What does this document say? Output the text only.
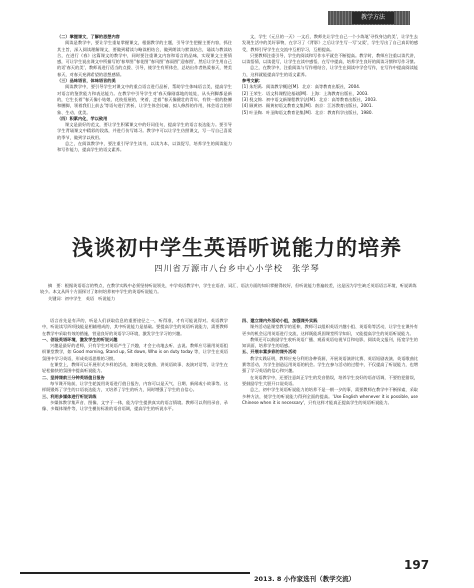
教学方法

（二）掌握课文，了解的思想内容

阅读是教学中，要让学生重复掌握课文，根据教学的主题，引导学生把握主要内容，抓住其主旨，深入阅读理解课文，要做到精读与略读相结合，做到朗读与默读结合，诵读与教读结合，在进行《春》这篇课文的教学中，同时要注重课文内容和语言的品味，实现课文主要情感，可让学生说出课文中所描写的'春草图''春花图''春风图''春雨图''迎春图'，然后让学生用自己的话'春天的美'，教师再进行适当的点拨、引导，使学生有所体会，总结出作者热爱春天，赞美春天，对春天充满希望的思想感情。

（三）品味语言，体味语言的美

阅读教学中，要引导学生对课文中的重点语言进行品析，帮助学生体味语言美，提高学生对语言的鉴赏能力和表达能力。在教学中引导学生对'春天像刚落地的娃娃，从头到脚都是新的，它生长着''春天像小姑娘，花枝招展的，笑着，走着''春天像健壮的青年，有铁一般的胳膊和腰脚，领着我们上前去'等语句进行赏析，让学生体会比喻、拟人修辞的作用，体会语言的形象、生动、优美。

（四）积累内化，学以致用

课文是最好的范文，要让学生积累课文中的好词佳句，提高学生的语言表达能力。要引导学生背诵课文中精彩的段落，并进行仿写练习。教学中可以让学生仿照课文，写一写自己喜爱的季节，做到学以致用。

总之，在阅读教学中，要注重引导学生读书，以读为本，以读促写，培养学生的阅读能力和写作能力，提高学生的语文素养。

文，学生《元旦的一天》一文后，教师先让学生自己一个小练笔'寻找身边的美'，让学生去发现生活中的美好事物，在学习了《背影》之后让学生写一写'父爱'，学生写出了自己真切的感受，教师引导学生在交流中互相学习，互相提高。

只要教师注重引导，学生的阅读和写作水平就会不断提高。教学时，教师应注重以读代讲，以读悟情，以读促写，让学生在读中感悟，在写中提高，培养学生良好的阅读习惯和写作习惯。

总之，在教学中，注重阅读与写作相结合，让学生在阅读中学会写作，在写作中提高阅读能力，这样就能提高学生的语文素养。

参考文献：

[1] 朱绍禹．阅读教学概论[M]．北京：高等教育出版社，2004.

[2] 王荣生．语文科课程论基础[M]．上海：上海教育出版社，2003.

[3] 倪文锦．初中语文新课程教学法[M]．北京：高等教育出版社，2003.

[4] 顾黄初．顾黄初语文教育文集[M]．南京：江苏教育出版社，2001.

[5] 叶圣陶．叶圣陶语文教育论集[M]．北京：教育科学出版社，1980.

浅谈初中学生英语听说能力的培养
四川省万源市八台乡中心小学校　张学琴
摘　要：根据英语语言的特点，在教学实践中必须坚持听说领先，中学英语教学中，学生在语音、词汇、语法方面的知识掌握得较好，但听说能力普遍较差，这是因为学生缺乏英语语言环境，听说训练较少。本文从四个方面探讨了如何培养初中学生的英语听说能力。
关键词：初中学生　英语　听说能力

语言首先是有声的，听是人们获取信息的重要途径之一，听得准，才有可能说得对。英语教学中，听说读写四项技能是相辅相成的，其中听说能力是基础。要提高学生的英语听说能力，需要教师在教学中采取有效的措施，营造良好的英语学习环境，激发学生学习的兴趣。

一、创设英语环境，激发学生的听说兴趣

兴趣是最好的老师，只有学生对英语产生了兴趣，才会主动地去听、去说。教师应尽量用英语组织课堂教学，如 Good morning, Stand up, Sit down, Who is on duty today 等，让学生在英语氛围中学习英语，形成英语思维的习惯。

在课堂上，教师可以开展形式多样的活动，如唱英文歌曲、讲英语故事、表演对话等，让学生在轻松愉快的氛围中提高听说能力。

二、坚持课前三分钟英语值日报告

每节课开始前，让学生轮流用英语进行值日报告，内容可以是天气、日期、新闻或小故事等。这样既锻炼了学生的口语表达能力，又培养了学生的听力，同时增强了学生的自信心。

三、利用多媒体进行听说训练

多媒体教学集声音、图像、文字于一体，能为学生提供真实的语言情境。教师可以利用录音、录像、多媒体课件等，让学生模仿标准的语音语调，提高学生的听说水平。

四、建立课内外活动小组，加强课外实践

课外活动是课堂教学的延伸，教师可以组织英语兴趣小组、英语角等活动，让学生在课外有更多的机会运用英语进行交流，这样既能巩固课堂所学知识，又能提高学生的英语听说能力。

教师还可以鼓励学生收听英语广播、观看英语电视节目和电影，阅读英文报刊，拓宽学生的知识面，培养学生的语感。

五、开展丰富多彩的课外活动

教学实践证明，教师应充分利用各种资源，开展英语演讲比赛、英语短剧表演、英语歌曲比赛等活动，为学生创造运用英语的机会。学生在参与活动的过程中，不仅提高了听说能力，也增强了学习英语的信心和兴趣。

在英语教学中，还要注意纠正学生的发音错误，培养学生良好的语音语调，不要怕犯错误，要鼓励学生大胆开口说英语。

总之，初中学生英语听说能力的培养不是一朝一夕的事，需要教师在教学中不断探索，采取多种方法，使学生的听说能力得到全面的提高。'Use English whenever it is possible, use Chinese when it is necessary'，只有这样才能真正提高学生的英语听说能力。

197
2013. 8 小作家选刊（教学交流）
